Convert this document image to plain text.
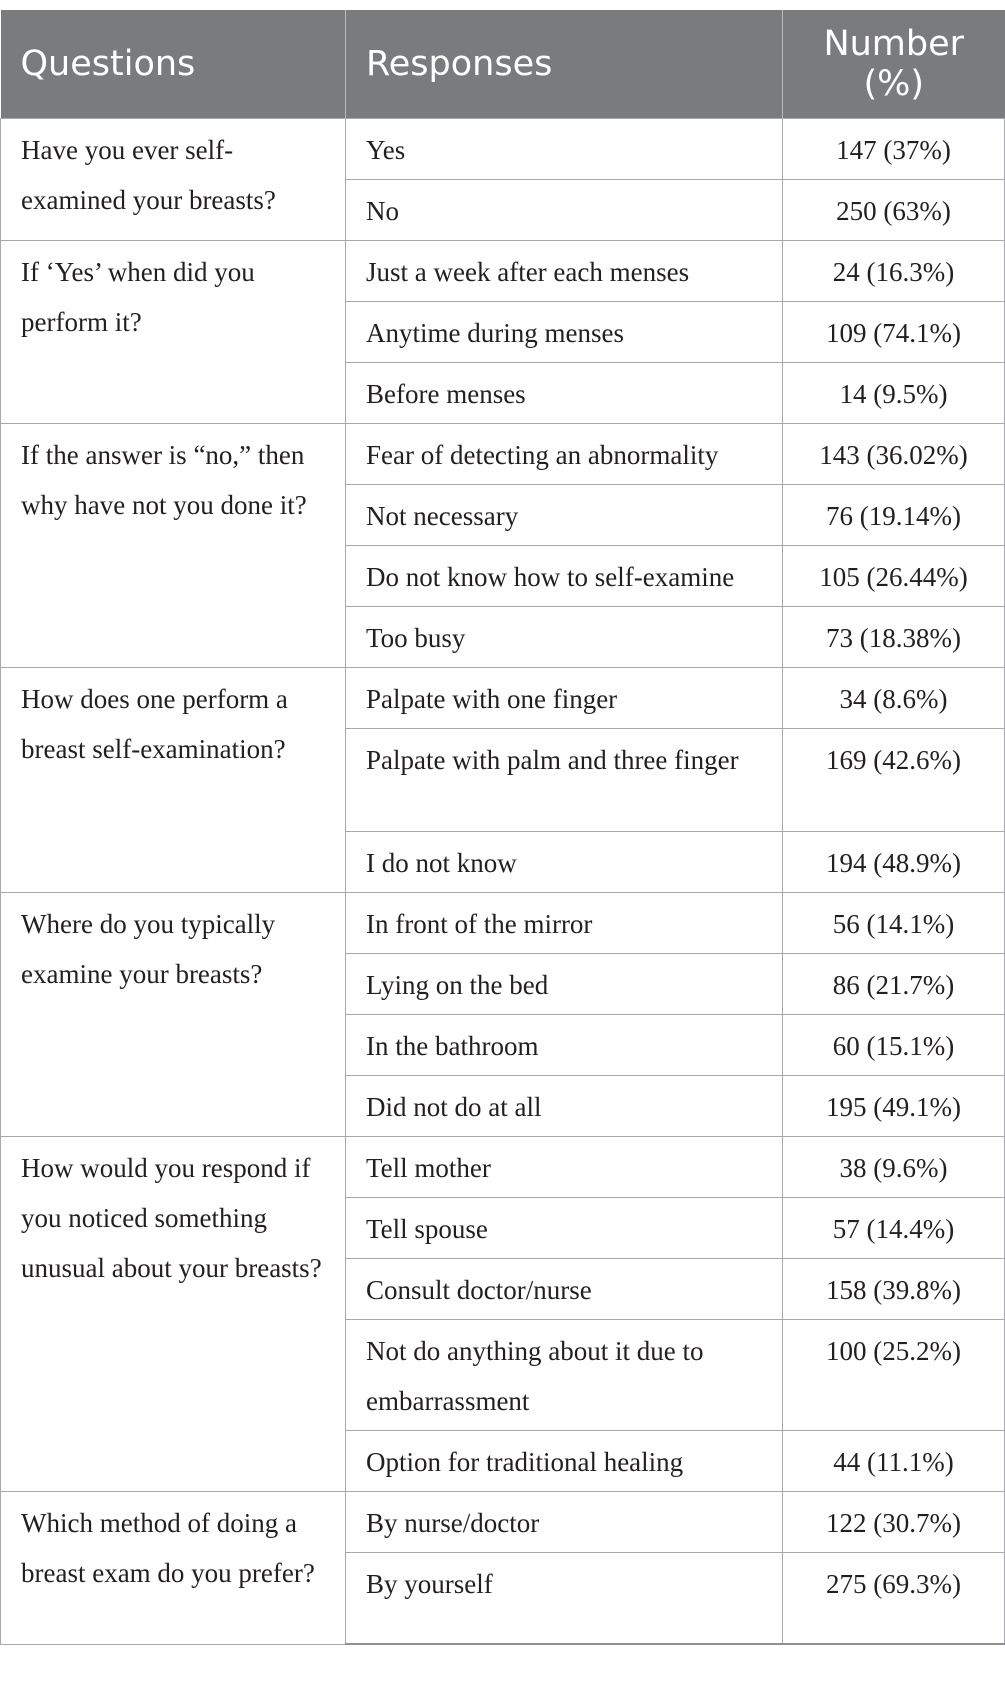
Questions	Responses	Number (%)
Have you ever self-examined your breasts?	Yes	147 (37%)
	No	250 (63%)
If ‘Yes’ when did you perform it?	Just a week after each menses	24 (16.3%)
	Anytime during menses	109 (74.1%)
	Before menses	14 (9.5%)
If the answer is “no,” then why have not you done it?	Fear of detecting an abnormality	143 (36.02%)
	Not necessary	76 (19.14%)
	Do not know how to self-examine	105 (26.44%)
	Too busy	73 (18.38%)
How does one perform a breast self-examination?	Palpate with one finger	34 (8.6%)
	Palpate with palm and three finger	169 (42.6%)
	I do not know	194 (48.9%)
Where do you typically examine your breasts?	In front of the mirror	56 (14.1%)
	Lying on the bed	86 (21.7%)
	In the bathroom	60 (15.1%)
	Did not do at all	195 (49.1%)
How would you respond if you noticed something unusual about your breasts?	Tell mother	38 (9.6%)
	Tell spouse	57 (14.4%)
	Consult doctor/nurse	158 (39.8%)
	Not do anything about it due to embarrassment	100 (25.2%)
	Option for traditional healing	44 (11.1%)
Which method of doing a breast exam do you prefer?	By nurse/doctor	122 (30.7%)
	By yourself	275 (69.3%)
